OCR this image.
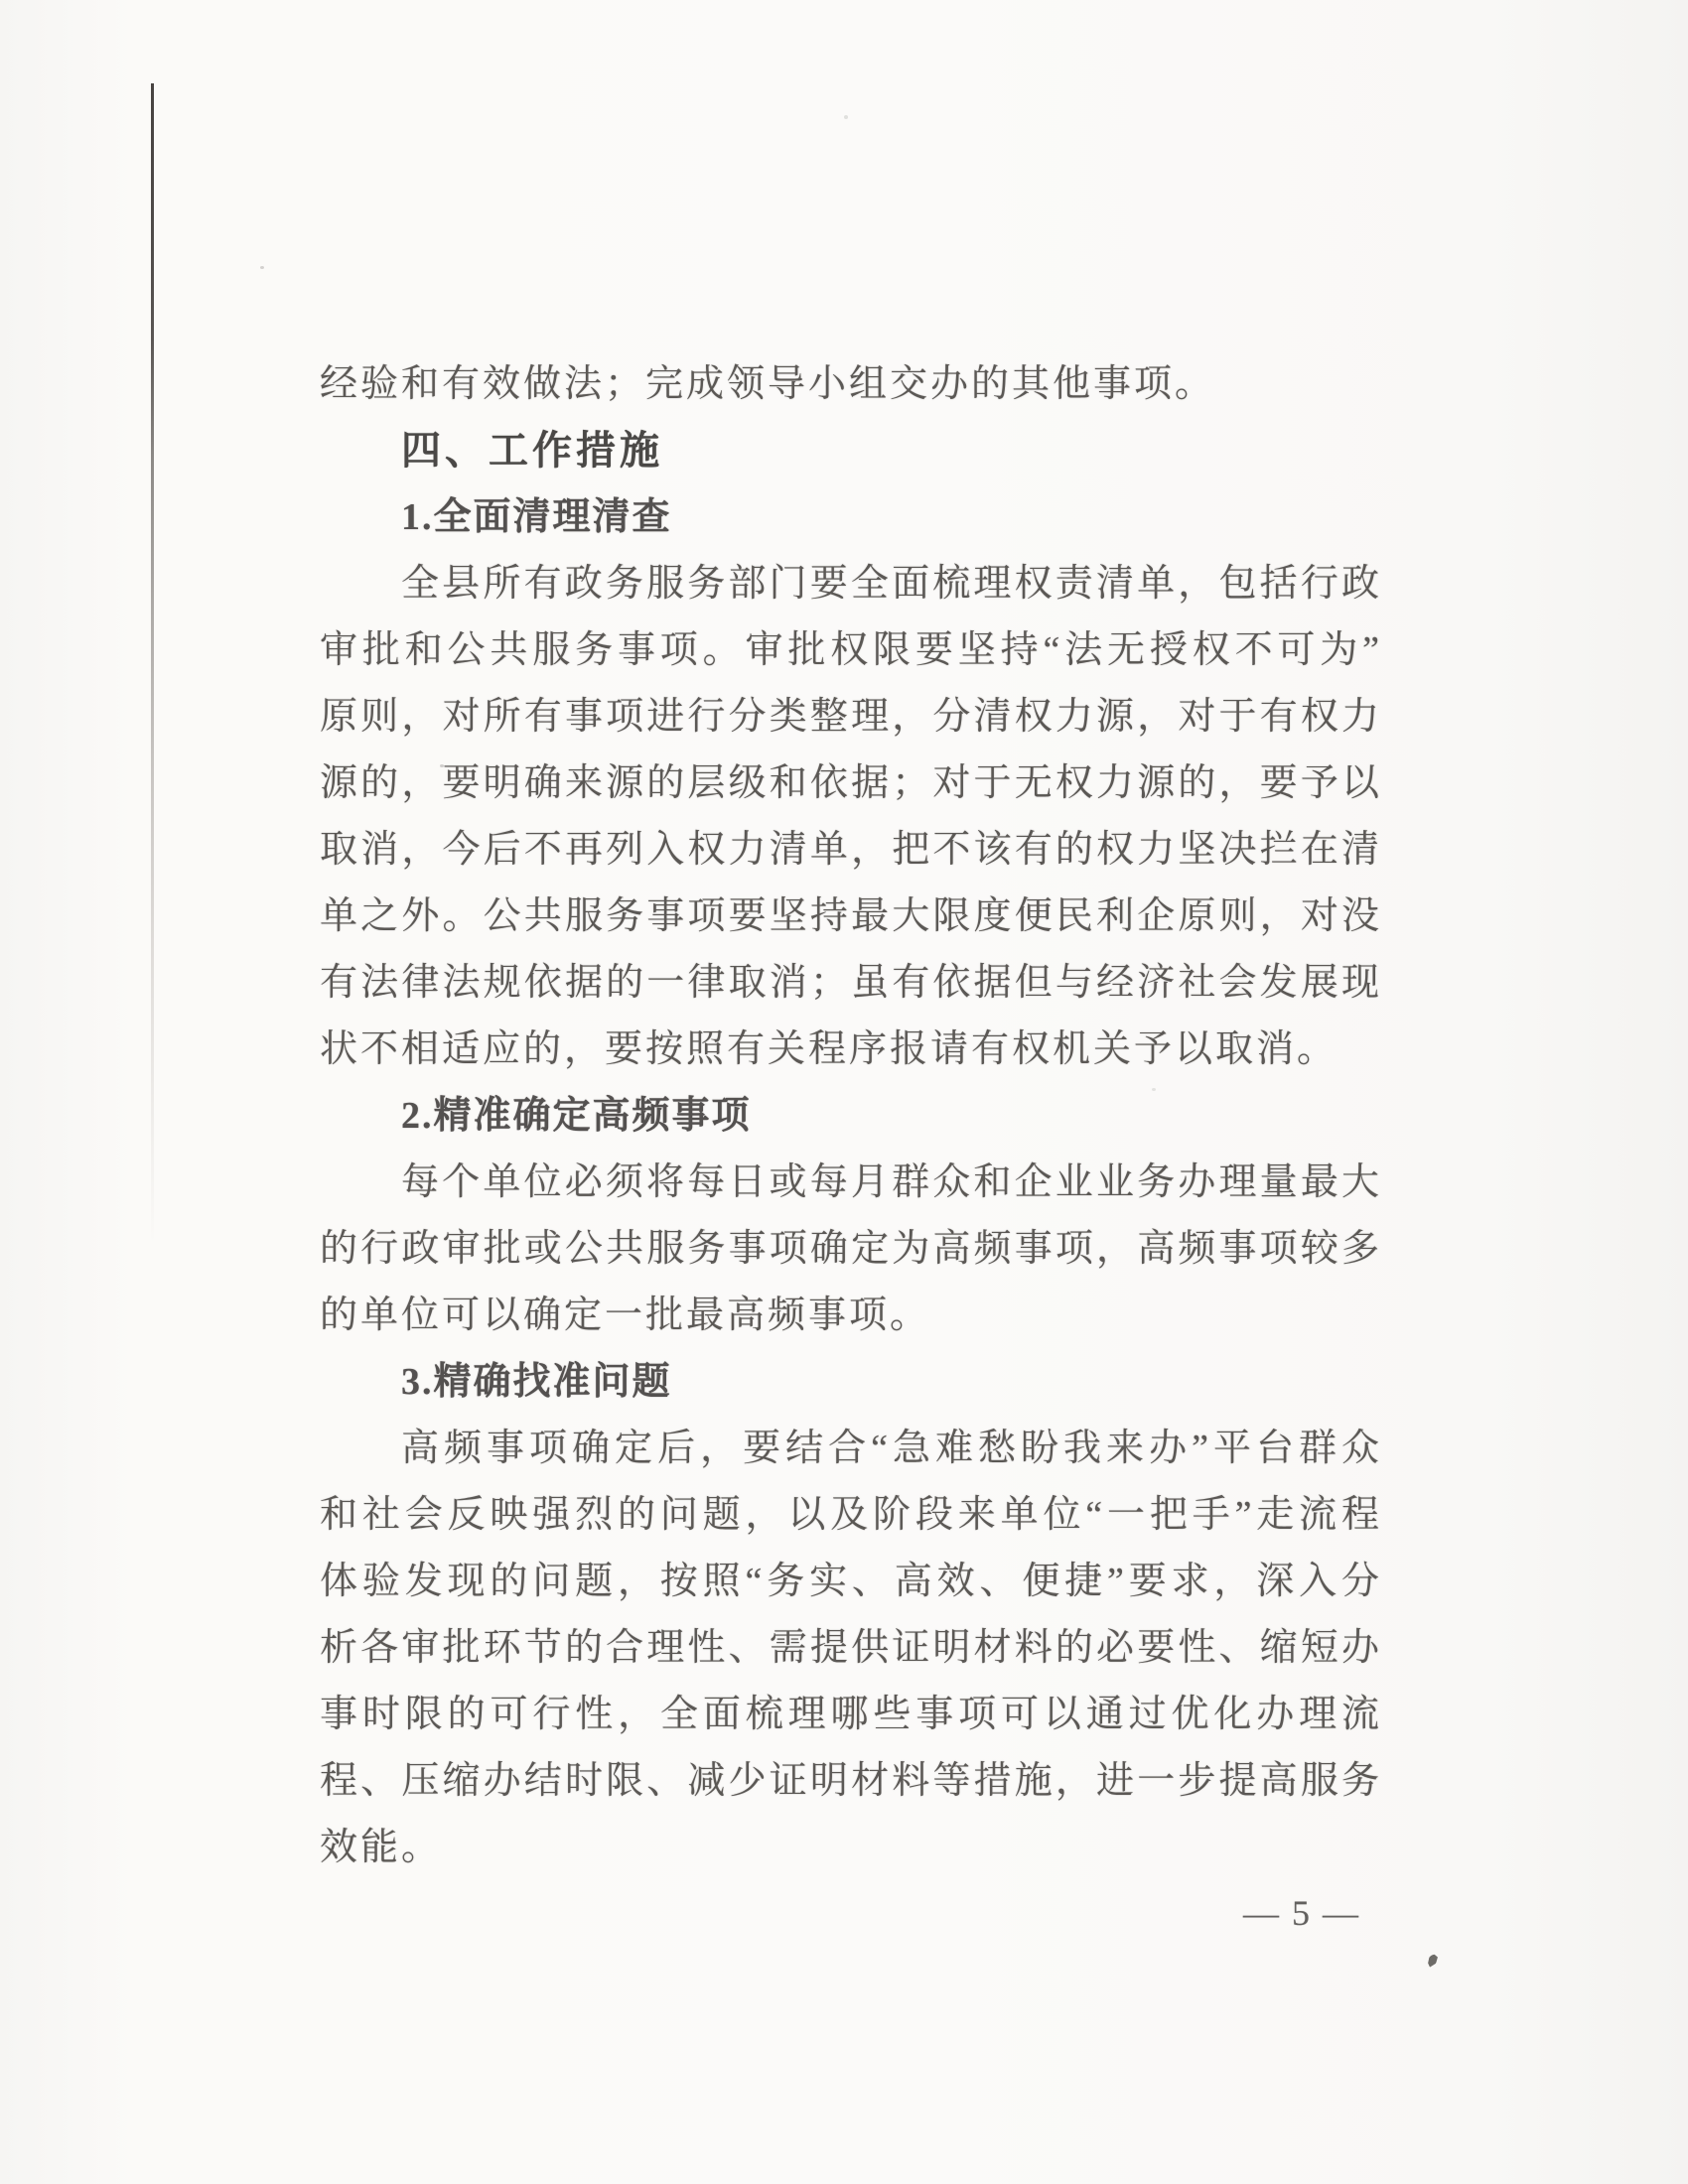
经验和有效做法；完成领导小组交办的其他事项。
四、工作措施
1.全面清理清查
全县所有政务服务部门要全面梳理权责清单，包括行政
审批和公共服务事项。审批权限要坚持“法无授权不可为”
原则，对所有事项进行分类整理，分清权力源，对于有权力
源的，要明确来源的层级和依据；对于无权力源的，要予以
取消，今后不再列入权力清单，把不该有的权力坚决拦在清
单之外。公共服务事项要坚持最大限度便民利企原则，对没
有法律法规依据的一律取消；虽有依据但与经济社会发展现
状不相适应的，要按照有关程序报请有权机关予以取消。
2.精准确定高频事项
每个单位必须将每日或每月群众和企业业务办理量最大
的行政审批或公共服务事项确定为高频事项，高频事项较多
的单位可以确定一批最高频事项。
3.精确找准问题
高频事项确定后，要结合“急难愁盼我来办”平台群众
和社会反映强烈的问题，以及阶段来单位“一把手”走流程
体验发现的问题，按照“务实、高效、便捷”要求，深入分
析各审批环节的合理性、需提供证明材料的必要性、缩短办
事时限的可行性，全面梳理哪些事项可以通过优化办理流
程、压缩办结时限、减少证明材料等措施，进一步提高服务
效能。
— 5 —
